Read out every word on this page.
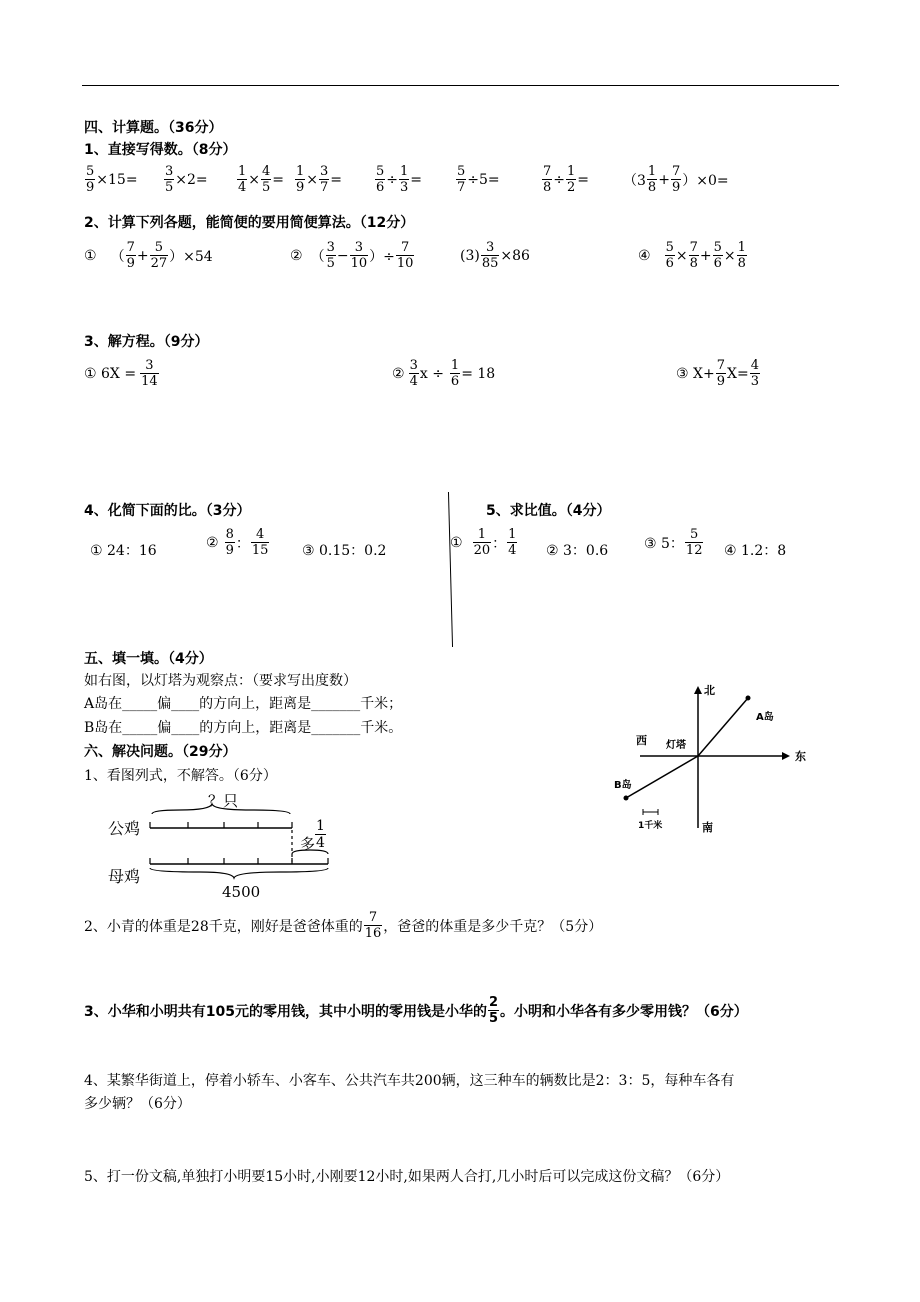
四、计算题。（36分）
1、直接写得数。（8分）
$\frac{5}{9} \times 15= \frac{3}{5} \times 2= \frac{1}{4} \times \frac{4}{5} = \frac{1}{9} \times \frac{3}{7}$ =	$\frac{5}{6} \div \frac{1}{3}$ =	$\frac{5}{7} \div 5=$	$\frac{7}{8} \div \frac{1}{2} = (3 \frac{1}{8} + \frac{7}{9} )\times 0=$
2、计算下列各题，能简便的要用简便算法。（12分）
① （ $\frac{7}{9} + \frac{5}{27} )\times 54$	② （ $\frac{3}{5} - \frac{3}{10}$ ）÷ $\frac{7}{10}$	$(3) \frac{3}{85} \times 86$	④ $\frac{5}{6} \times \frac{7}{8} + \frac{5}{6} \times \frac{1}{8}$
3、解方程。（9分）
① $6X = \frac{3}{14}$	② $\frac{3}{4}$ $x \div \frac{1}{6} = 18$	③ $X+ \frac{7}{9} X= \frac{4}{3}$
4、化简下面的比。（3分）
① 24：16
② $\frac{8}{9}$ ： $\frac{4}{15}$ ③ 0.15：0.2
5、求比值。（4分）
① $\frac{1}{20}$ ： $\frac{1}{4}$ ② 3：0.6	③ 5： $\frac{5}{12}$ ④ 1.2：8
五、填一填。（4分）
如右图，以灯塔为观察点：（要求写出度数）
A岛在_____偏____的方向上，距离是_______千米；
B岛在_____偏____的方向上，距离是_______千米。
北
南
东
西 灯塔
A岛
B岛
1千米
六、解决问题。（29分）
1、看图列式，不解答。（6分）
？只
公鸡
母鸡
多 $\frac{1}{4}$
4500
2、小青的体重是28千克，刚好是爸爸体重的 $\frac{7}{16}$ ，爸爸的体重是多少千克？（5分）
3、小华和小明共有105元的零用钱，其中小明的零用钱是小华的 $\frac{2}{5}$ 。小明和小华各有多少零用钱？（6分）
4、某繁华街道上，停着小轿车、小客车、公共汽车共200辆，这三种车的辆数比是2：3：5，每种车各有
多少辆？（6分）
5、打一份文稿,单独打小明要15小时,小刚要12小时,如果两人合打,几小时后可以完成这份文稿？（6分）
